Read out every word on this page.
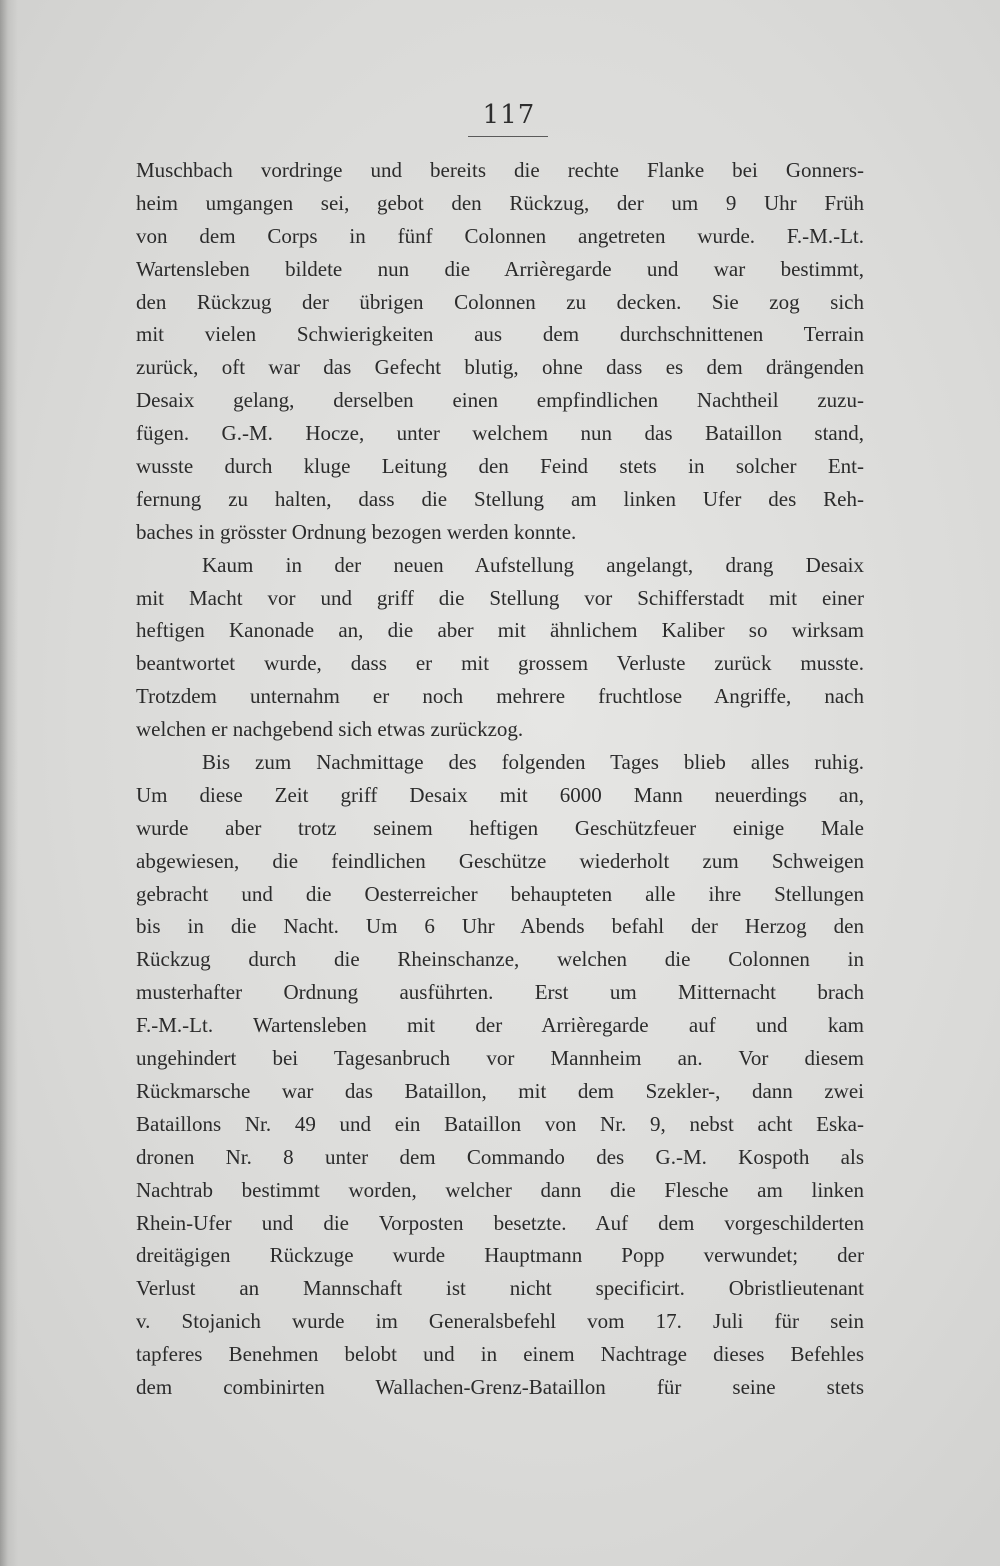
117
Muschbach vordringe und bereits die rechte Flanke bei Gonners-
heim umgangen sei, gebot den Rückzug, der um 9 Uhr Früh
von dem Corps in fünf Colonnen angetreten wurde. F.-M.-Lt.
Wartensleben bildete nun die Arrièregarde und war bestimmt,
den Rückzug der übrigen Colonnen zu decken. Sie zog sich
mit vielen Schwierigkeiten aus dem durchschnittenen Terrain
zurück, oft war das Gefecht blutig, ohne dass es dem drängenden
Desaix gelang, derselben einen empfindlichen Nachtheil zuzu-
fügen. G.-M. Hocze, unter welchem nun das Bataillon stand,
wusste durch kluge Leitung den Feind stets in solcher Ent-
fernung zu halten, dass die Stellung am linken Ufer des Reh-
baches in grösster Ordnung bezogen werden konnte.
Kaum in der neuen Aufstellung angelangt, drang Desaix
mit Macht vor und griff die Stellung vor Schifferstadt mit einer
heftigen Kanonade an, die aber mit ähnlichem Kaliber so wirksam
beantwortet wurde, dass er mit grossem Verluste zurück musste.
Trotzdem unternahm er noch mehrere fruchtlose Angriffe, nach
welchen er nachgebend sich etwas zurückzog.
Bis zum Nachmittage des folgenden Tages blieb alles ruhig.
Um diese Zeit griff Desaix mit 6000 Mann neuerdings an,
wurde aber trotz seinem heftigen Geschützfeuer einige Male
abgewiesen, die feindlichen Geschütze wiederholt zum Schweigen
gebracht und die Oesterreicher behaupteten alle ihre Stellungen
bis in die Nacht. Um 6 Uhr Abends befahl der Herzog den
Rückzug durch die Rheinschanze, welchen die Colonnen in
musterhafter Ordnung ausführten. Erst um Mitternacht brach
F.-M.-Lt. Wartensleben mit der Arrièregarde auf und kam
ungehindert bei Tagesanbruch vor Mannheim an. Vor diesem
Rückmarsche war das Bataillon, mit dem Szekler-, dann zwei
Bataillons Nr. 49 und ein Bataillon von Nr. 9, nebst acht Eska-
dronen Nr. 8 unter dem Commando des G.-M. Kospoth als
Nachtrab bestimmt worden, welcher dann die Flesche am linken
Rhein-Ufer und die Vorposten besetzte. Auf dem vorgeschilderten
dreitägigen Rückzuge wurde Hauptmann Popp verwundet; der
Verlust an Mannschaft ist nicht specificirt. Obristlieutenant
v. Stojanich wurde im Generalsbefehl vom 17. Juli für sein
tapferes Benehmen belobt und in einem Nachtrage dieses Befehles
dem combinirten Wallachen-Grenz-Bataillon für seine stets
